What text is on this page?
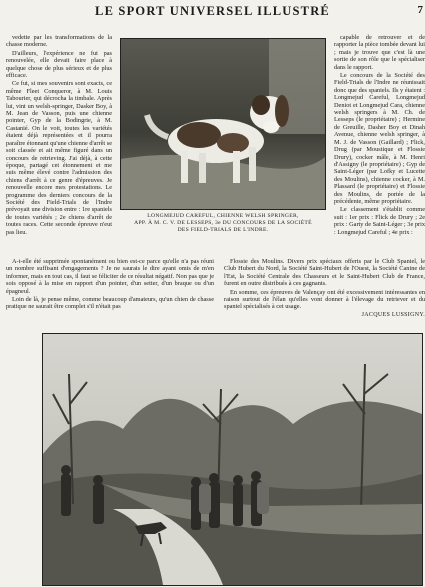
LE SPORT UNIVERSEL ILLUSTRÉ	7

vedette par les transformations de la chasse moderne.

D'ailleurs, l'expérience ne fut pas renouvelée, elle devait faire place à quelque chose de plus sérieux et de plus efficace.

Ce fut, si mes souvenirs sont exacts, ce même Fleet Conqueror, à M. Louis Tabourier, qui décrocha la timbale. Après lui, vint un welsh-springer, Dasker Boy, à M. Jean de Vasson, puis une chienne pointer, Gyp de la Bodingrie, à M. Castanié. On le voit, toutes les variétés étaient déjà représentées et il pourra paraître étonnant qu'une chienne d'arrêt se soit classée et ait même figuré dans un concours de retrieving. J'ai déjà, à cette époque, partagé cet étonnement et me suis même élevé contre l'admission des chiens d'arrêt à ce genre d'épreuves. Je renouvelle encore mes protestations. Le programme des derniers concours de la Société des Field-Trials de l'Indre prévoyait une division entre : 1re spaniels de toutes variétés ; 2e chiens d'arrêt de toutes races. Cette seconde épreuve n'eut pas lieu.

LONGMEJUD CAREFUL, CHIENNE WELSH SPRINGER,
APP. À M. C. V. DE LESSEPS, 3e DU CONCOURS DE LA SOCIÉTÉ
DES FIELD-TRIALS DE L'INDRE.

capable de retrouver et de rapporter la pièce tombée devant lui ; mais je trouve que c'est là une sortie de son rôle que le spécialiser dans le rapport.

Le concours de la Société des Field-Trials de l'Indre ne réunissait donc que des spaniels. Ils y étaient : Longmejud Careful, Longmejud Deniot et Longmejud Cara, chienne welsh springers à M. Ch. de Lesseps (le propriétaire) ; Hermine de Greuille, Dasher Boy et Dinah Avenue, chienne welsh springer, à M. J. de Vasson (Gaillard) ; Flick, Drug (par Moustique et Flossie Drury), cocker mâle, à M. Henri d'Assigny (le propriétaire) ; Gyp de Saint-Léger (par Lofky et Lucette des Moulins), chienne cocker, à M. Plassard (le propriétaire) et Flossie des Moulins, de portée de la précédente, même propriétaire.

Le classement s'établit comme suit : 1er prix : Flick de Drury ; 2e prix : Garty de Saint-Léger ; 3e prix : Longmejud Careful ; 4e prix :

A-t-elle été supprimée spontanément ou bien est-ce parce qu'elle n'a pas réuni un nombre suffisant d'engagements ? Je ne saurais le dire ayant omis de m'en informer, mais en tout cas, il faut se féliciter de ce résultat négatif. Non pas que je sois opposé à la mise en rapport d'un pointer, d'un setter, d'un braque ou d'un épagneul.

Loin de là, je pense même, comme beaucoup d'amateurs, qu'un chien de chasse pratique ne saurait être complet s'il n'était pas

Flossie des Moulins. Divers prix spéciaux offerts par le Club Spaniel, le Club Hubert du Nord, la Société Saint-Hubert de l'Ouest, la Société Canine de l'Est, la Société Centrale des Chasseurs et le Saint-Hubert Club de France, furent en outre distribués à ces gagnants.

En somme, ces épreuves de Valençay ont été excessivement intéressantes en raison surtout de l'élan qu'elles vont donner à l'élevage du retriever et du spaniel spécialisés à cet usage.

JACQUES LUSSIGNY.
